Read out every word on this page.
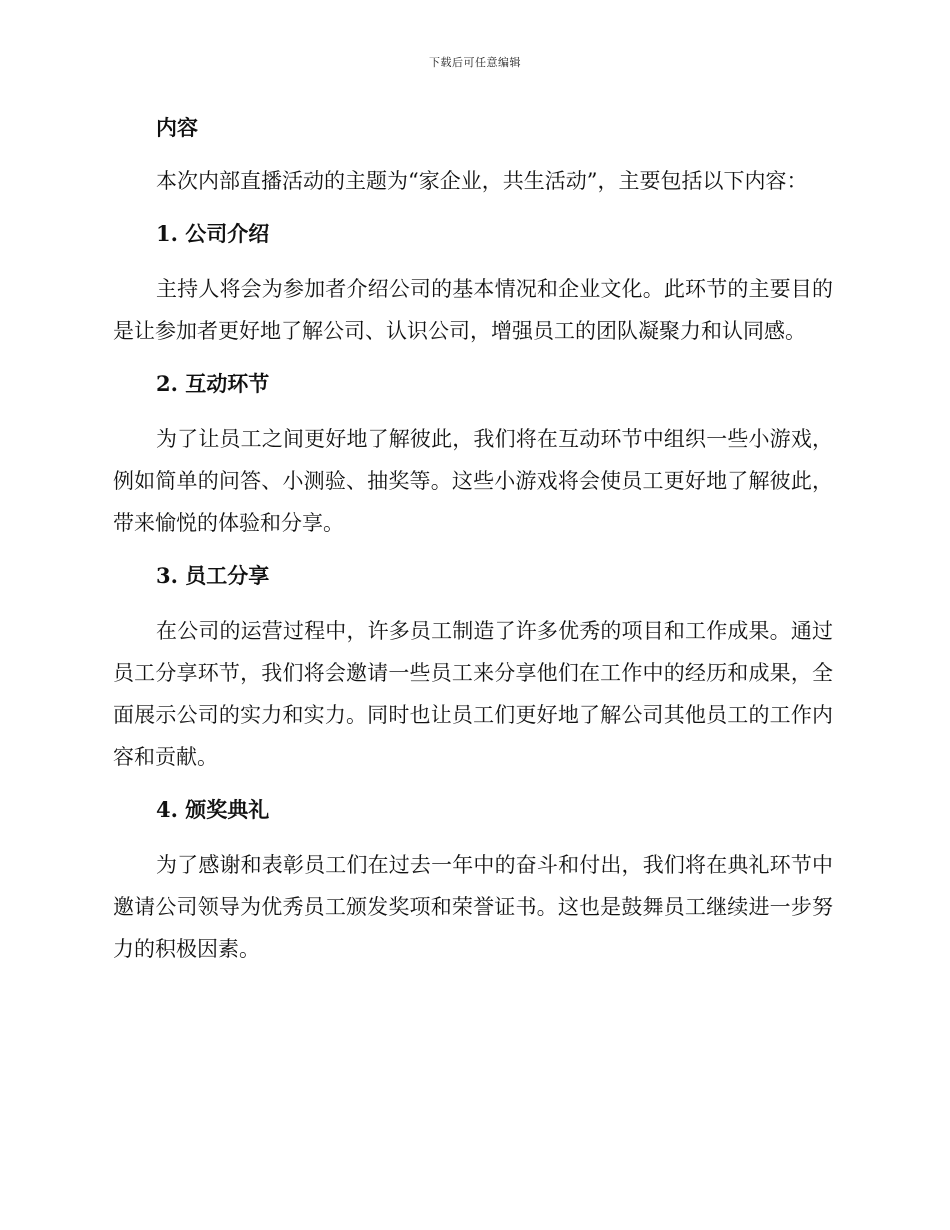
下载后可任意编辑
内容

本次内部直播活动的主题为“家企业，共生活动”，主要包括以下内容：

1. 公司介绍

主持人将会为参加者介绍公司的基本情况和企业文化。此环节的主要目的是让参加者更好地了解公司、认识公司，增强员工的团队凝聚力和认同感。

2. 互动环节

为了让员工之间更好地了解彼此，我们将在互动环节中组织一些小游戏，例如简单的问答、小测验、抽奖等。这些小游戏将会使员工更好地了解彼此，带来愉悦的体验和分享。

3. 员工分享

在公司的运营过程中，许多员工制造了许多优秀的项目和工作成果。通过员工分享环节，我们将会邀请一些员工来分享他们在工作中的经历和成果，全面展示公司的实力和实力。同时也让员工们更好地了解公司其他员工的工作内容和贡献。

4. 颁奖典礼

为了感谢和表彰员工们在过去一年中的奋斗和付出，我们将在典礼环节中邀请公司领导为优秀员工颁发奖项和荣誉证书。这也是鼓舞员工继续进一步努力的积极因素。
